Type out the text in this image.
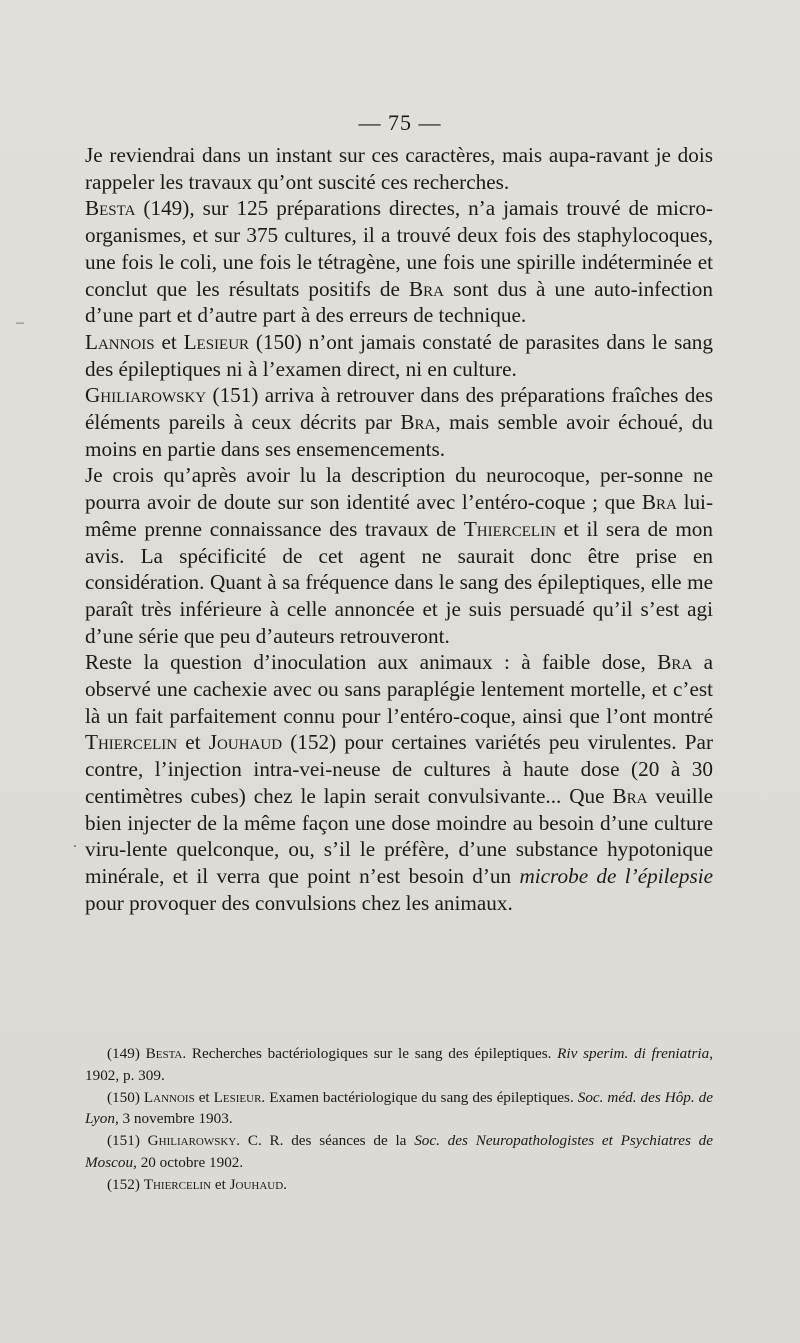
— 75 —
–
.

Je reviendrai dans un instant sur ces caractères, mais aupa-ravant je dois rappeler les travaux qu’ont suscité ces recherches.

Besta (149), sur 125 préparations directes, n’a jamais trouvé de micro-organismes, et sur 375 cultures, il a trouvé deux fois des staphylocoques, une fois le coli, une fois le tétragène, une fois une spirille indéterminée et conclut que les résultats positifs de Bra sont dus à une auto-infection d’une part et d’autre part à des erreurs de technique.

Lannois et Lesieur (150) n’ont jamais constaté de parasites dans le sang des épileptiques ni à l’examen direct, ni en culture.

Ghiliarowsky (151) arriva à retrouver dans des préparations fraîches des éléments pareils à ceux décrits par Bra, mais semble avoir échoué, du moins en partie dans ses ensemencements.

Je crois qu’après avoir lu la description du neurocoque, per-sonne ne pourra avoir de doute sur son identité avec l’entéro-coque ; que Bra lui-même prenne connaissance des travaux de Thiercelin et il sera de mon avis. La spécificité de cet agent ne saurait donc être prise en considération. Quant à sa fréquence dans le sang des épileptiques, elle me paraît très inférieure à celle annoncée et je suis persuadé qu’il s’est agi d’une série que peu d’auteurs retrouveront.

Reste la question d’inoculation aux animaux : à faible dose, Bra a observé une cachexie avec ou sans paraplégie lentement mortelle, et c’est là un fait parfaitement connu pour l’entéro-coque, ainsi que l’ont montré Thiercelin et Jouhaud (152) pour certaines variétés peu virulentes. Par contre, l’injection intra-vei-neuse de cultures à haute dose (20 à 30 centimètres cubes) chez le lapin serait convulsivante... Que Bra veuille bien injecter de la même façon une dose moindre au besoin d’une culture viru-lente quelconque, ou, s’il le préfère, d’une substance hypotonique minérale, et il verra que point n’est besoin d’un microbe de l’épilepsie pour provoquer des convulsions chez les animaux.

(149) Besta. Recherches bactériologiques sur le sang des épileptiques. Riv sperim. di freniatria, 1902, p. 309.

(150) Lannois et Lesieur. Examen bactériologique du sang des épileptiques. Soc. méd. des Hôp. de Lyon, 3 novembre 1903.

(151) Ghiliarowsky. C. R. des séances de la Soc. des Neuropathologistes et Psychiatres de Moscou, 20 octobre 1902.

(152) Thiercelin et Jouhaud.
